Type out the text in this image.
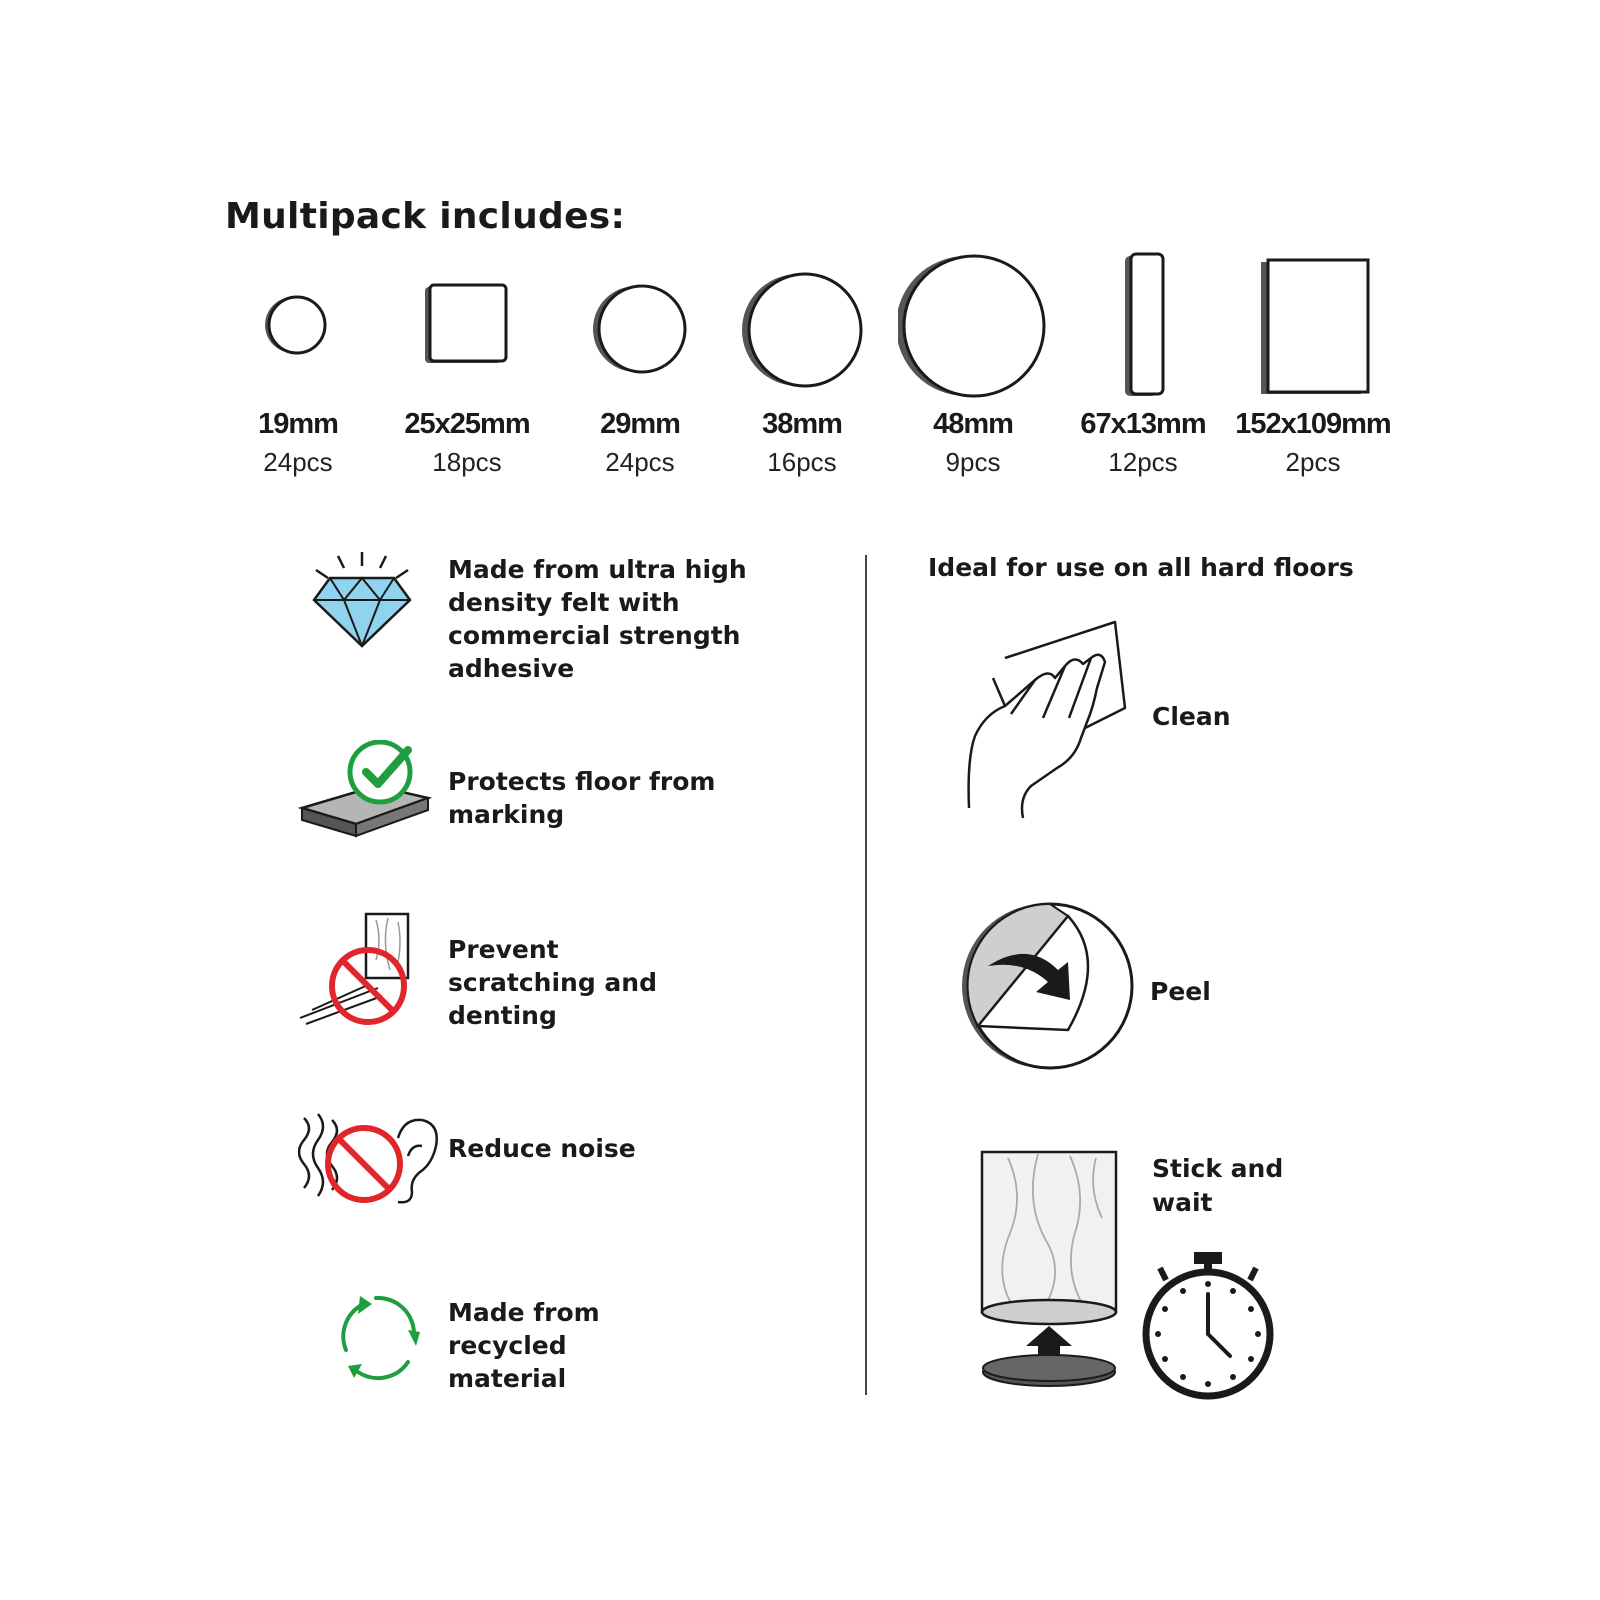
Multipack includes:
19mm
24pcs
25x25mm
18pcs
29mm
24pcs
38mm
16pcs
48mm
9pcs
67x13mm
12pcs
152x109mm
2pcs
Made from ultra high density felt with commercial strength adhesive
Protects floor from marking
Prevent scratching and denting
Reduce noise
Made from recycled material
Ideal for use on all hard floors
Clean
Peel
Stick and wait
